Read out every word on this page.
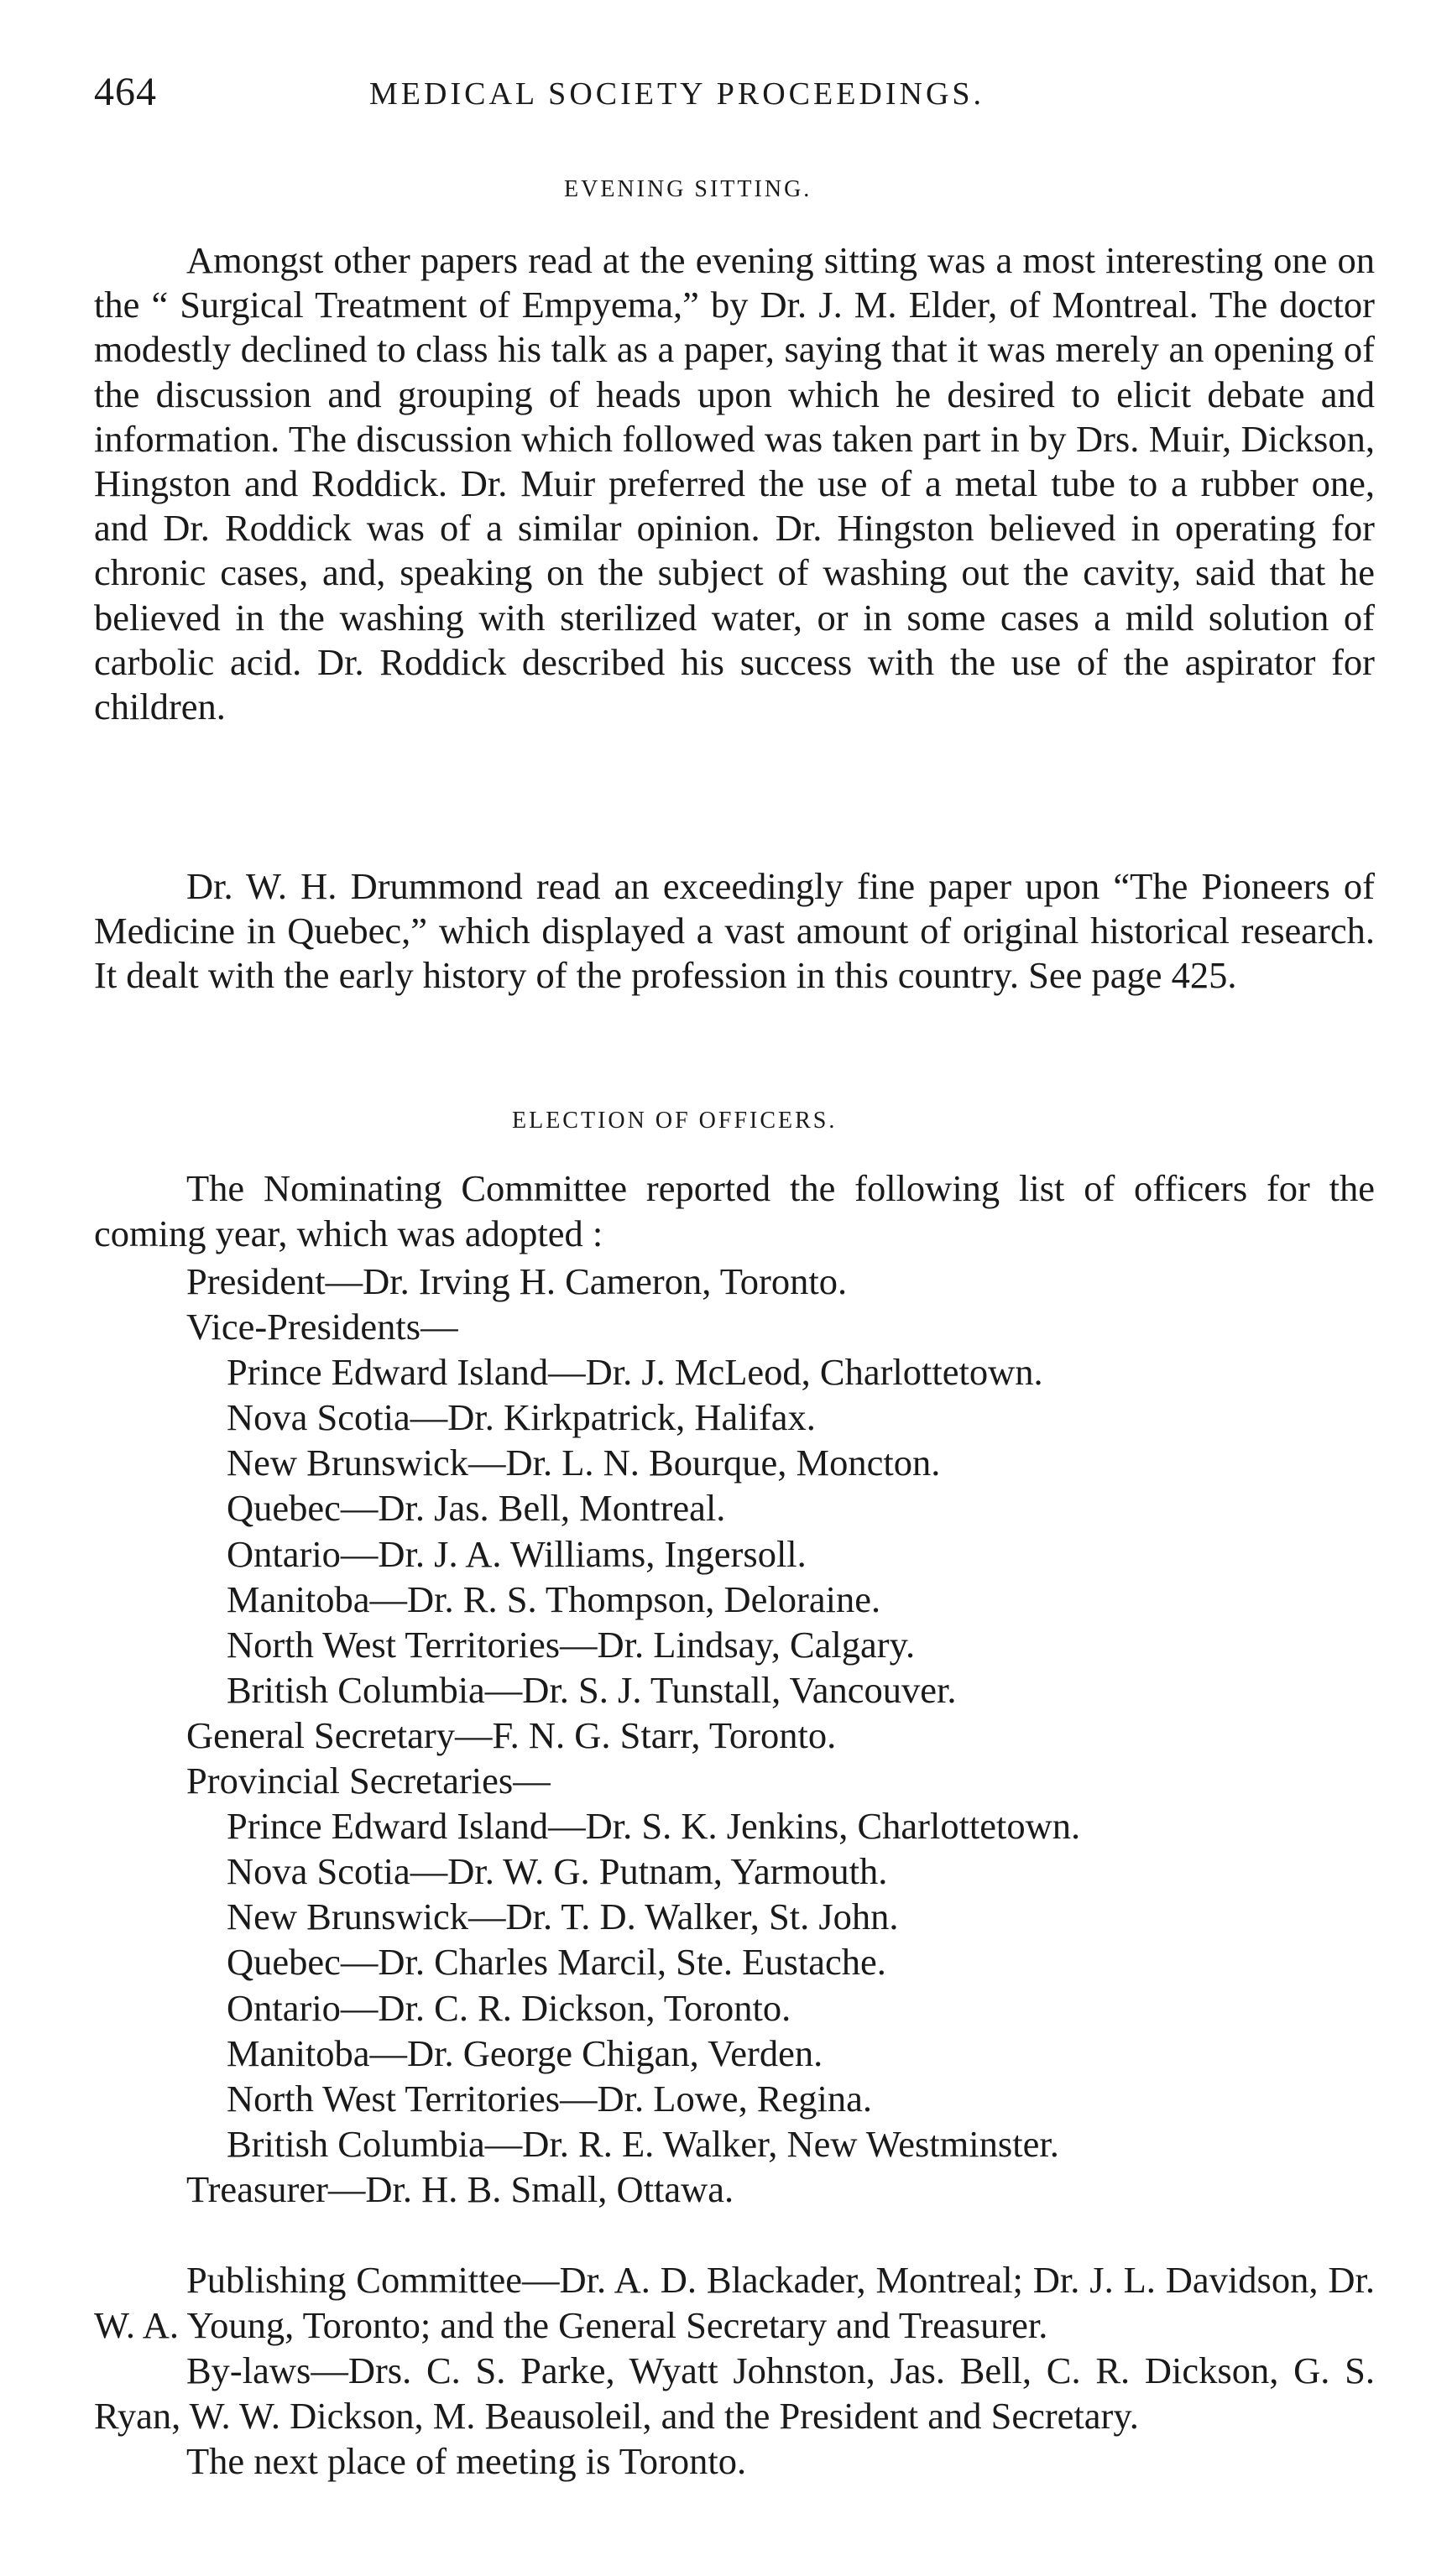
464	MEDICAL SOCIETY PROCEEDINGS.
EVENING SITTING.

Amongst other papers read at the evening sitting was a most interesting one on the “ Surgical Treatment of Empyema,” by Dr. J. M. Elder, of Montreal. The doctor modestly declined to class his talk as a paper, saying that it was merely an opening of the discussion and grouping of heads upon which he desired to elicit debate and information. The discussion which followed was taken part in by Drs. Muir, Dickson, Hingston and Roddick. Dr. Muir preferred the use of a metal tube to a rubber one, and Dr. Roddick was of a similar opinion. Dr. Hingston believed in operating for chronic cases, and, speaking on the subject of washing out the cavity, said that he believed in the washing with sterilized water, or in some cases a mild solution of carbolic acid. Dr. Roddick described his success with the use of the aspirator for children.

Dr. W. H. Drummond read an exceedingly fine paper upon “The Pioneers of Medicine in Quebec,” which displayed a vast amount of original historical research. It dealt with the early history of the profession in this country. See page 425.

ELECTION OF OFFICERS.

The Nominating Committee reported the following list of officers for the coming year, which was adopted :

President—Dr. Irving H. Cameron, Toronto.
Vice-Presidents—
Prince Edward Island—Dr. J. McLeod, Charlottetown.
Nova Scotia—Dr. Kirkpatrick, Halifax.
New Brunswick—Dr. L. N. Bourque, Moncton.
Quebec—Dr. Jas. Bell, Montreal.
Ontario—Dr. J. A. Williams, Ingersoll.
Manitoba—Dr. R. S. Thompson, Deloraine.
North West Territories—Dr. Lindsay, Calgary.
British Columbia—Dr. S. J. Tunstall, Vancouver.
General Secretary—F. N. G. Starr, Toronto.
Provincial Secretaries—
Prince Edward Island—Dr. S. K. Jenkins, Charlottetown.
Nova Scotia—Dr. W. G. Putnam, Yarmouth.
New Brunswick—Dr. T. D. Walker, St. John.
Quebec—Dr. Charles Marcil, Ste. Eustache.
Ontario—Dr. C. R. Dickson, Toronto.
Manitoba—Dr. George Chigan, Verden.
North West Territories—Dr. Lowe, Regina.
British Columbia—Dr. R. E. Walker, New Westminster.
Treasurer—Dr. H. B. Small, Ottawa.

Publishing Committee—Dr. A. D. Blackader, Montreal; Dr. J. L. Davidson, Dr. W. A. Young, Toronto; and the General Secretary and Treasurer.

By-laws—Drs. C. S. Parke, Wyatt Johnston, Jas. Bell, C. R. Dickson, G. S. Ryan, W. W. Dickson, M. Beausoleil, and the President and Secretary.

The next place of meeting is Toronto.
